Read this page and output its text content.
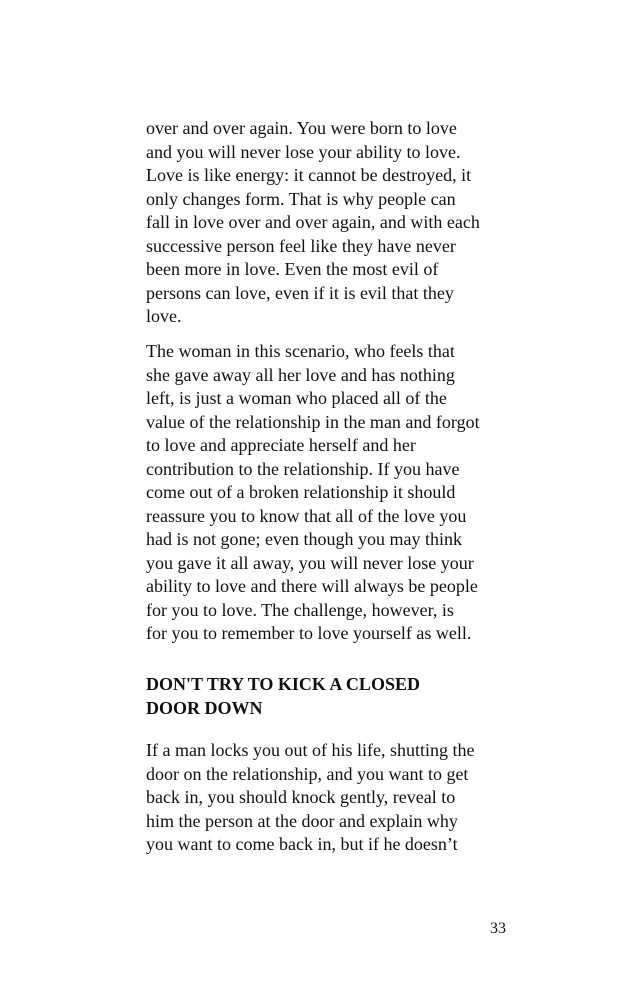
over and over again. You were born to love
and you will never lose your ability to love.
Love is like energy: it cannot be destroyed, it
only changes form. That is why people can
fall in love over and over again, and with each
successive person feel like they have never
been more in love. Even the most evil of
persons can love, even if it is evil that they
love.

The woman in this scenario, who feels that
she gave away all her love and has nothing
left, is just a woman who placed all of the
value of the relationship in the man and forgot
to love and appreciate herself and her
contribution to the relationship. If you have
come out of a broken relationship it should
reassure you to know that all of the love you
had is not gone; even though you may think
you gave it all away, you will never lose your
ability to love and there will always be people
for you to love. The challenge, however, is
for you to remember to love yourself as well.

DON'T TRY TO KICK A CLOSED
DOOR DOWN

If a man locks you out of his life, shutting the
door on the relationship, and you want to get
back in, you should knock gently, reveal to
him the person at the door and explain why
you want to come back in, but if he doesn’t

33
